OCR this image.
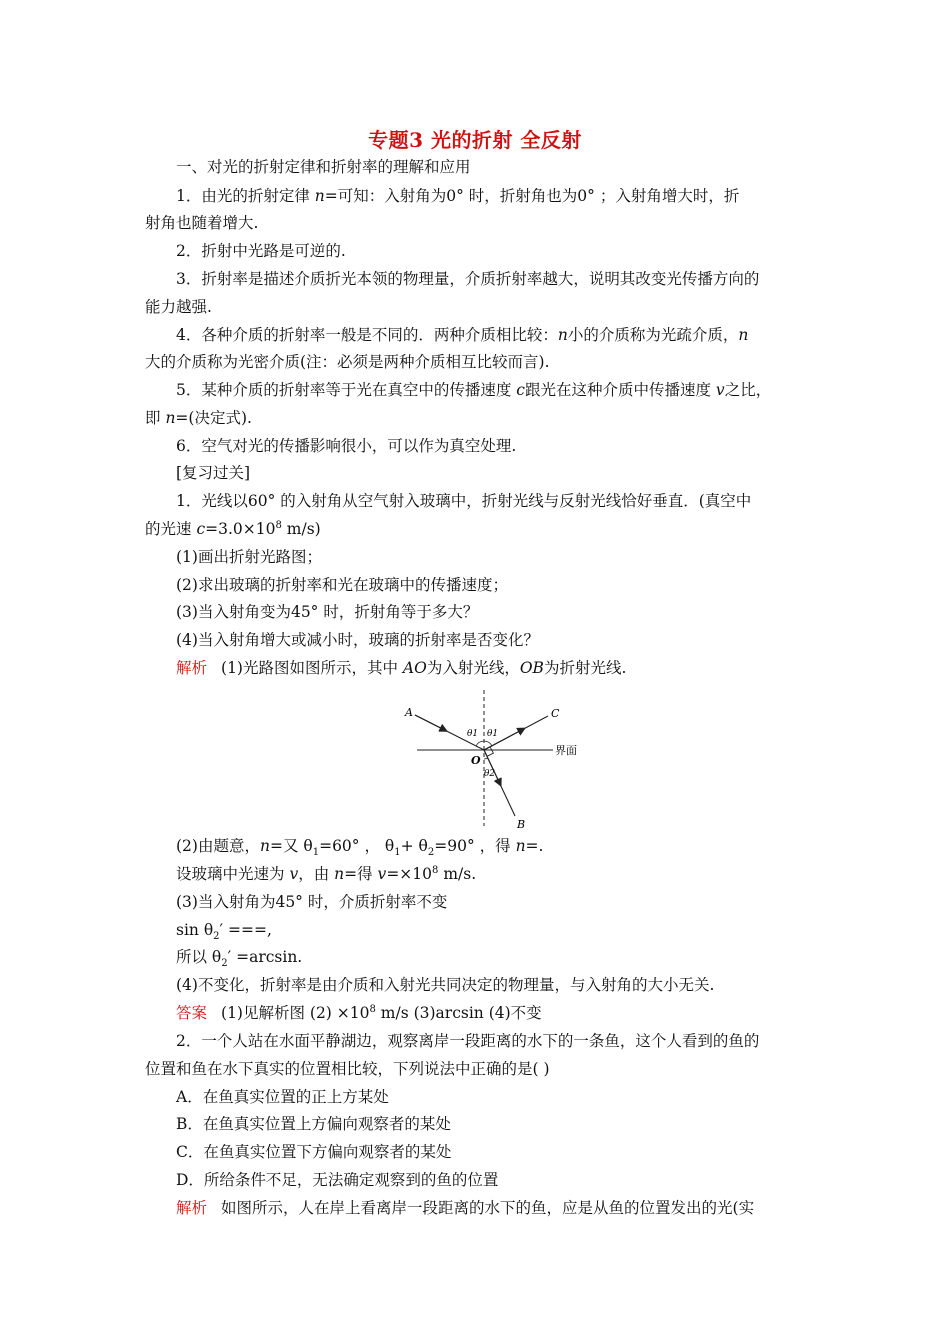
专题3 光的折射 全反射
一、对光的折射定律和折射率的理解和应用
1．由光的折射定律 n=可知：入射角为0° 时，折射角也为0° ；入射角增大时，折
射角也随着增大.
2．折射中光路是可逆的.
3．折射率是描述介质折光本领的物理量，介质折射率越大，说明其改变光传播方向的
能力越强.
4．各种介质的折射率一般是不同的．两种介质相比较：n小的介质称为光疏介质，n
大的介质称为光密介质(注：必须是两种介质相互比较而言).
5．某种介质的折射率等于光在真空中的传播速度 c跟光在这种介质中传播速度 v之比，
即 n=(决定式).
6．空气对光的传播影响很小，可以作为真空处理.
[复习过关]
1．光线以60° 的入射角从空气射入玻璃中，折射光线与反射光线恰好垂直．(真空中
的光速 $c=3.0\times 10^8$ m/s)
(1)画出折射光路图；
(2)求出玻璃的折射率和光在玻璃中的传播速度；
(3)当入射角变为45° 时，折射角等于多大？
(4)当入射角增大或减小时，玻璃的折射率是否变化？
解析 (1)光路图如图所示，其中 AO为入射光线，OB为折射光线.
A	C
B
O
θ1 θ1
θ2
界面
(2)由题意，n=又 $\theta_1=60^\circ$ ， $\theta_1+ \theta_2=90^\circ$ ，得 n=.
设玻璃中光速为 v，由 n=得 $v=\times 10^8$ m/s.
(3)当入射角为45° 时，介质折射率不变
$\sin \theta_2'$ ===,
所以 $\theta_2' =\arcsin$.
(4)不变化，折射率是由介质和入射光共同决定的物理量，与入射角的大小无关.
答案 (1)见解析图 $(2) \times 10^8$ m/s (3)arcsin (4)不变
2．一个人站在水面平静湖边，观察离岸一段距离的水下的一条鱼，这个人看到的鱼的
位置和鱼在水下真实的位置相比较，下列说法中正确的是( )
A．在鱼真实位置的正上方某处
B．在鱼真实位置上方偏向观察者的某处
C．在鱼真实位置下方偏向观察者的某处
D．所给条件不足，无法确定观察到的鱼的位置
解析 如图所示，人在岸上看离岸一段距离的水下的鱼，应是从鱼的位置发出的光(实
